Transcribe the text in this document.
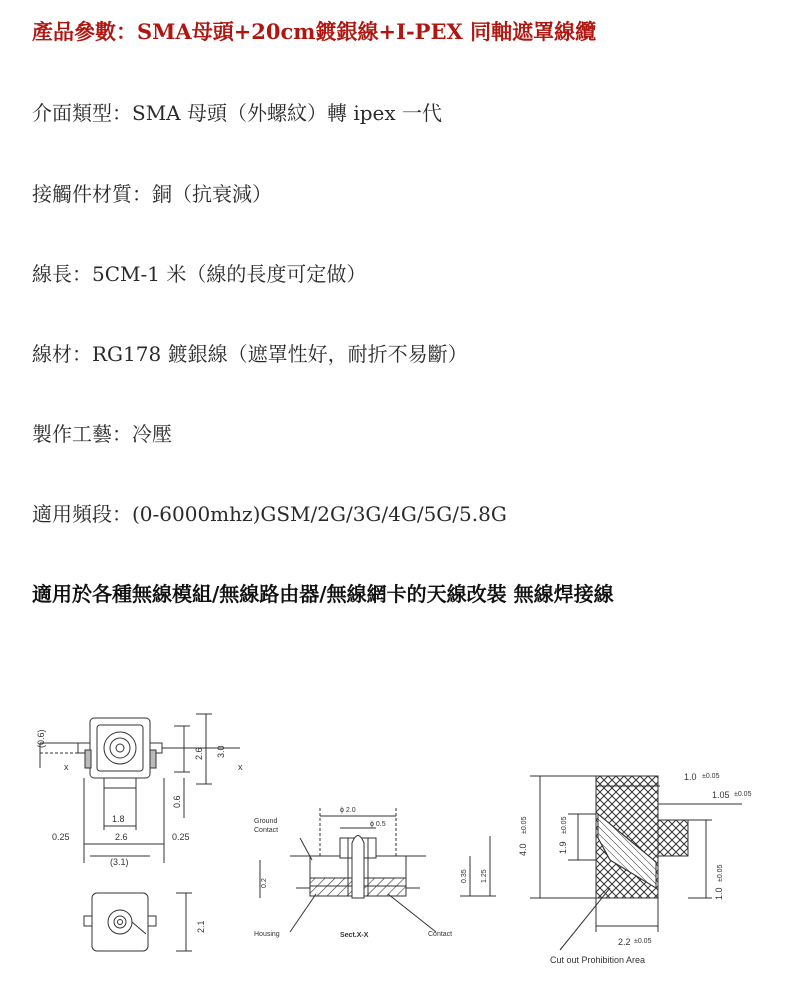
產品參數：SMA母頭+20cm鍍銀線+I-PEX 同軸遮罩線纜
介面類型：SMA 母頭（外螺紋）轉 ipex 一代
接觸件材質：銅（抗衰減）
線長：5CM-1 米（線的長度可定做）
線材：RG178 鍍銀線（遮罩性好，耐折不易斷）
製作工藝：冷壓
適用頻段：(0-6000mhz)GSM/2G/3G/4G/5G/5.8G
適用於各種無線模組/無線路由器/無線網卡的天線改裝 無線焊接線
(0.6)
x	x
2.6 3.0
0.6
1.8
0.25	2.6	0.25
(3.1)
2.1
Ground
Contact
ϕ 2.0
ϕ 0.5
0.2
0.35 1.25
Housing	Sect.X-X	Contact
1.0 ±0.05
1.05 ±0.05
4.0
±0.05
1.9
±0.05
1.0
±0.05
2.2 ±0.05
Cut out Prohibition Area
